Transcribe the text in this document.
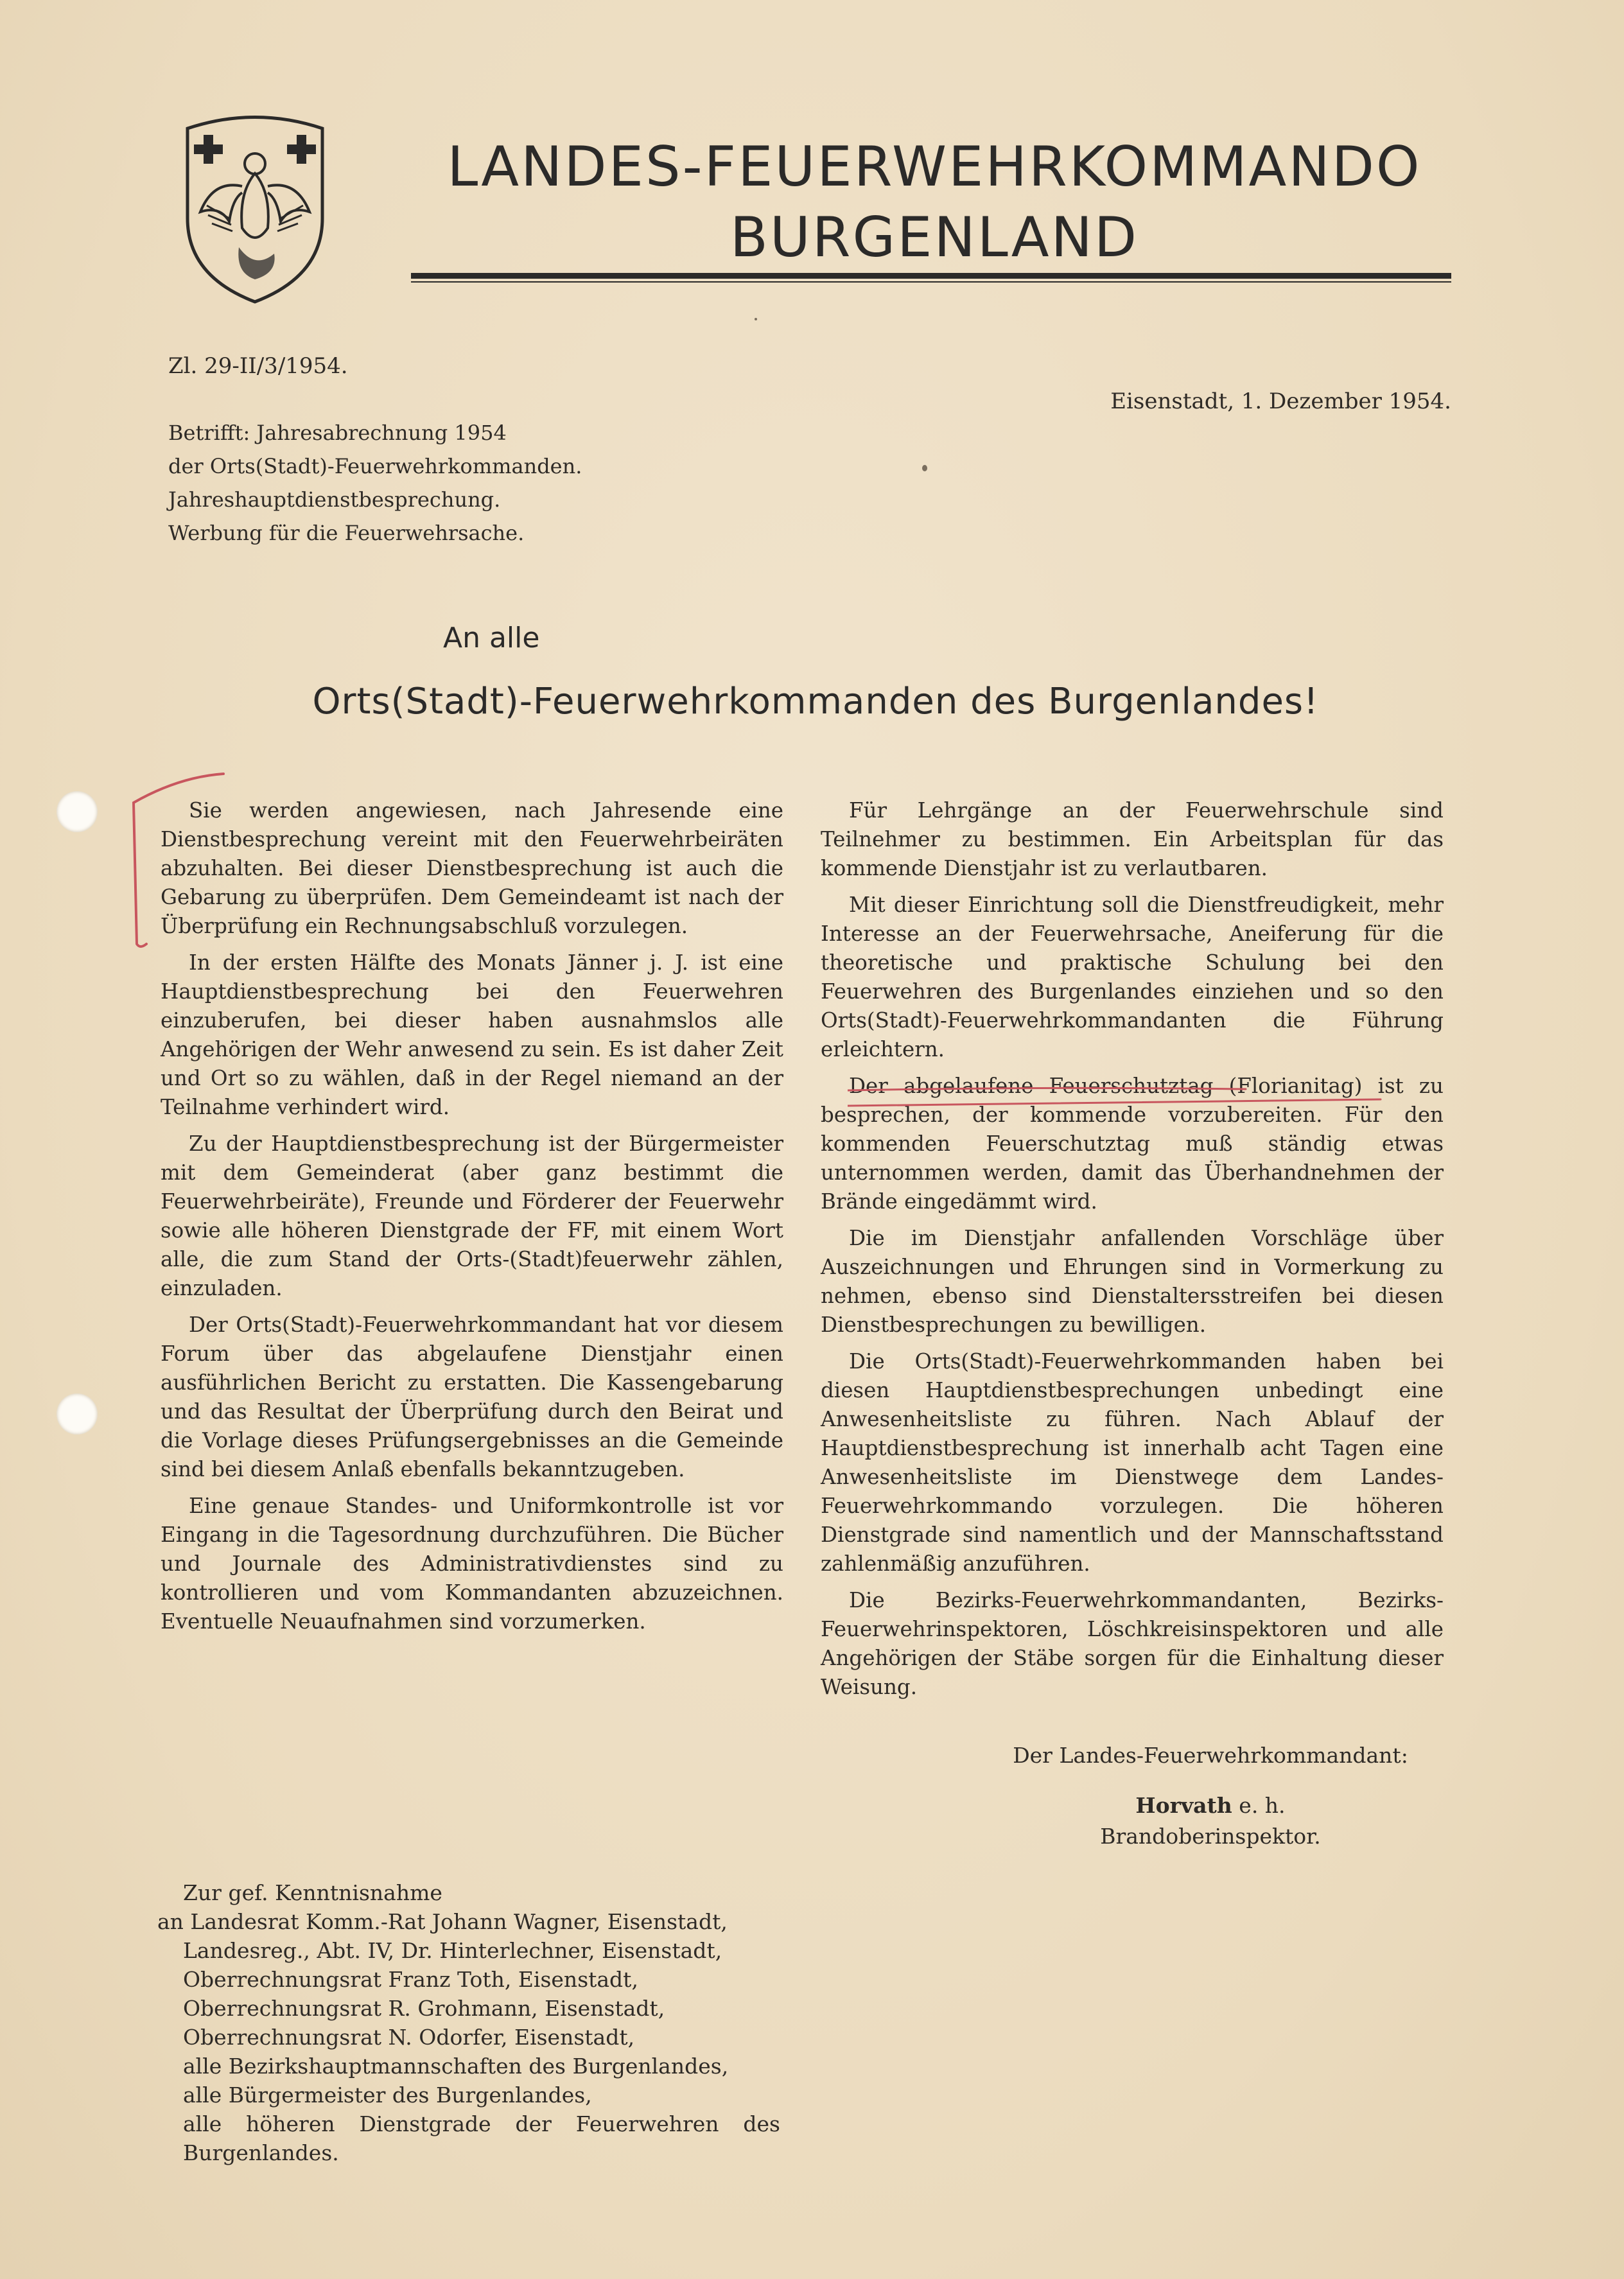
LANDES-FEUERWEHRKOMMANDO
BURGENLAND
Zl. 29-II/3/1954.
Eisenstadt, 1. Dezember 1954.
Betrifft: Jahresabrechnung 1954
der Orts(Stadt)-Feuerwehrkommanden.
Jahreshauptdienstbesprechung.
Werbung für die Feuerwehrsache.
An alle
Orts(Stadt)-Feuerwehrkommanden des Burgenlandes!

Sie werden angewiesen, nach Jahresende eine Dienstbesprechung vereint mit den Feuerwehrbeiräten abzuhalten. Bei dieser Dienstbesprechung ist auch die Gebarung zu überprüfen. Dem Gemeindeamt ist nach der Überprüfung ein Rechnungsabschluß vorzulegen.

In der ersten Hälfte des Monats Jänner j. J. ist eine Hauptdienstbesprechung bei den Feuerwehren einzuberufen, bei dieser haben ausnahmslos alle Angehörigen der Wehr anwesend zu sein. Es ist daher Zeit und Ort so zu wählen, daß in der Regel niemand an der Teilnahme verhindert wird.

Zu der Hauptdienstbesprechung ist der Bürgermeister mit dem Gemeinderat (aber ganz bestimmt die Feuerwehrbeiräte), Freunde und Förderer der Feuerwehr sowie alle höheren Dienstgrade der FF, mit einem Wort alle, die zum Stand der Orts-(Stadt)feuerwehr zählen, einzuladen.

Der Orts(Stadt)-Feuerwehrkommandant hat vor diesem Forum über das abgelaufene Dienstjahr einen ausführlichen Bericht zu erstatten. Die Kassengebarung und das Resultat der Überprüfung durch den Beirat und die Vorlage dieses Prüfungsergebnisses an die Gemeinde sind bei diesem Anlaß ebenfalls bekanntzugeben.

Eine genaue Standes- und Uniformkontrolle ist vor Eingang in die Tagesordnung durchzuführen. Die Bücher und Journale des Administrativdienstes sind zu kontrollieren und vom Kommandanten abzuzeichnen. Eventuelle Neuaufnahmen sind vorzumerken.

Für Lehrgänge an der Feuerwehrschule sind Teilnehmer zu bestimmen. Ein Arbeitsplan für das kommende Dienstjahr ist zu verlautbaren.

Mit dieser Einrichtung soll die Dienstfreudigkeit, mehr Interesse an der Feuerwehrsache, Aneiferung für die theoretische und praktische Schulung bei den Feuerwehren des Burgenlandes einziehen und so den Orts(Stadt)-Feuerwehrkommandanten die Führung erleichtern.

Der abgelaufene Feuerschutztag (Florianitag) ist zu besprechen, der kommende vorzubereiten. Für den kommenden Feuerschutztag muß ständig etwas unternommen werden, damit das Überhandnehmen der Brände eingedämmt wird.

Die im Dienstjahr anfallenden Vorschläge über Auszeichnungen und Ehrungen sind in Vormerkung zu nehmen, ebenso sind Dienstaltersstreifen bei diesen Dienstbesprechungen zu bewilligen.

Die Orts(Stadt)-Feuerwehrkommanden haben bei diesen Hauptdienstbesprechungen unbedingt eine Anwesenheitsliste zu führen. Nach Ablauf der Hauptdienstbesprechung ist innerhalb acht Tagen eine Anwesenheitsliste im Dienstwege dem Landes-Feuerwehrkommando vorzulegen. Die höheren Dienstgrade sind namentlich und der Mannschaftsstand zahlenmäßig anzuführen.

Die Bezirks-Feuerwehrkommandanten, Bezirks-Feuerwehrinspektoren, Löschkreisinspektoren und alle Angehörigen der Stäbe sorgen für die Einhaltung dieser Weisung.

Der Landes-Feuerwehrkommandant:
Horvath e. h.
Brandoberinspektor.
Zur gef. Kenntnisnahme
an Landesrat Komm.-Rat Johann Wagner, Eisenstadt,
Landesreg., Abt. IV, Dr. Hinterlechner, Eisenstadt,
Oberrechnungsrat Franz Toth, Eisenstadt,
Oberrechnungsrat R. Grohmann, Eisenstadt,
Oberrechnungsrat N. Odorfer, Eisenstadt,
alle Bezirkshauptmannschaften des Burgenlandes,
alle Bürgermeister des Burgenlandes,
alle höheren Dienstgrade der Feuerwehren des Burgenlandes.
